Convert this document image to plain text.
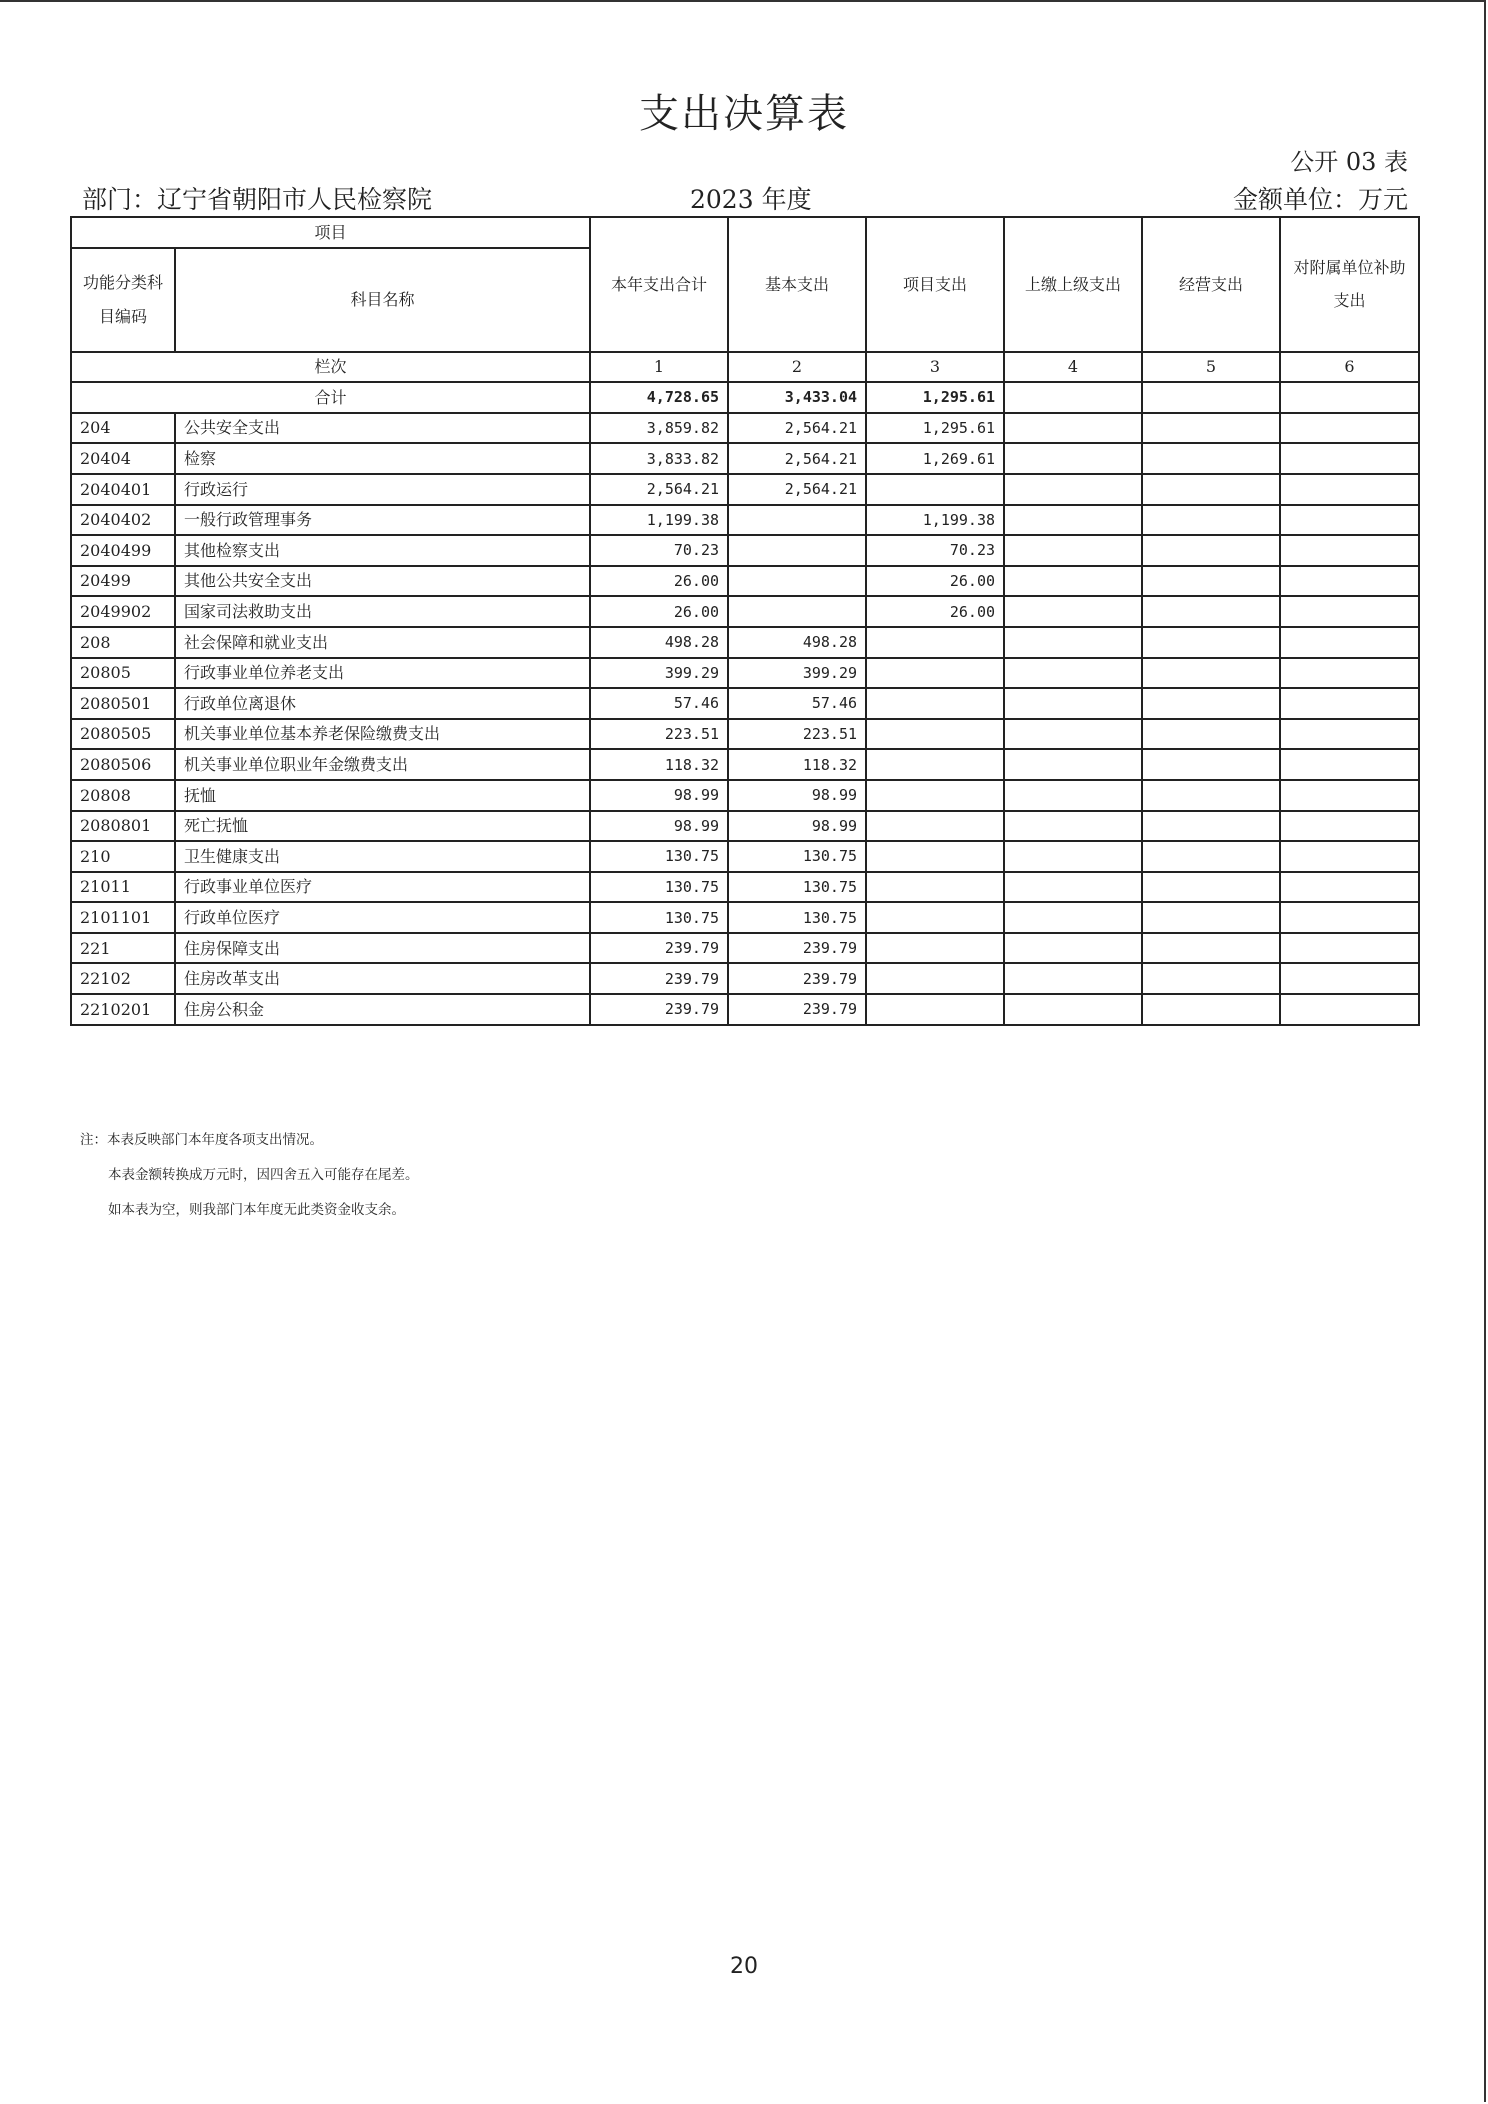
支出决算表
公开 03 表
部门：辽宁省朝阳市人民检察院	2023 年度	金额单位：万元
项目		本年支出合计	基本支出	项目支出	上缴上级支出	经营支出	对附属单位补助支出
功能分类科目编码	科目名称						
栏次		1	2	3	4	5	6
合计		4,728.65	3,433.04	1,295.61			
204	公共安全支出	3,859.82	2,564.21	1,295.61			
20404	检察	3,833.82	2,564.21	1,269.61			
2040401	行政运行	2,564.21	2,564.21				
2040402	一般行政管理事务	1,199.38		1,199.38			
2040499	其他检察支出	70.23		70.23			
20499	其他公共安全支出	26.00		26.00			
2049902	国家司法救助支出	26.00		26.00			
208	社会保障和就业支出	498.28	498.28				
20805	行政事业单位养老支出	399.29	399.29				
2080501	行政单位离退休	57.46	57.46				
2080505	机关事业单位基本养老保险缴费支出	223.51	223.51				
2080506	机关事业单位职业年金缴费支出	118.32	118.32				
20808	抚恤	98.99	98.99				
2080801	死亡抚恤	98.99	98.99				
210	卫生健康支出	130.75	130.75				
21011	行政事业单位医疗	130.75	130.75				
2101101	行政单位医疗	130.75	130.75				
221	住房保障支出	239.79	239.79				
22102	住房改革支出	239.79	239.79				
2210201	住房公积金	239.79	239.79				
注：本表反映部门本年度各项支出情况。
本表金额转换成万元时，因四舍五入可能存在尾差。
如本表为空，则我部门本年度无此类资金收支余。
20
